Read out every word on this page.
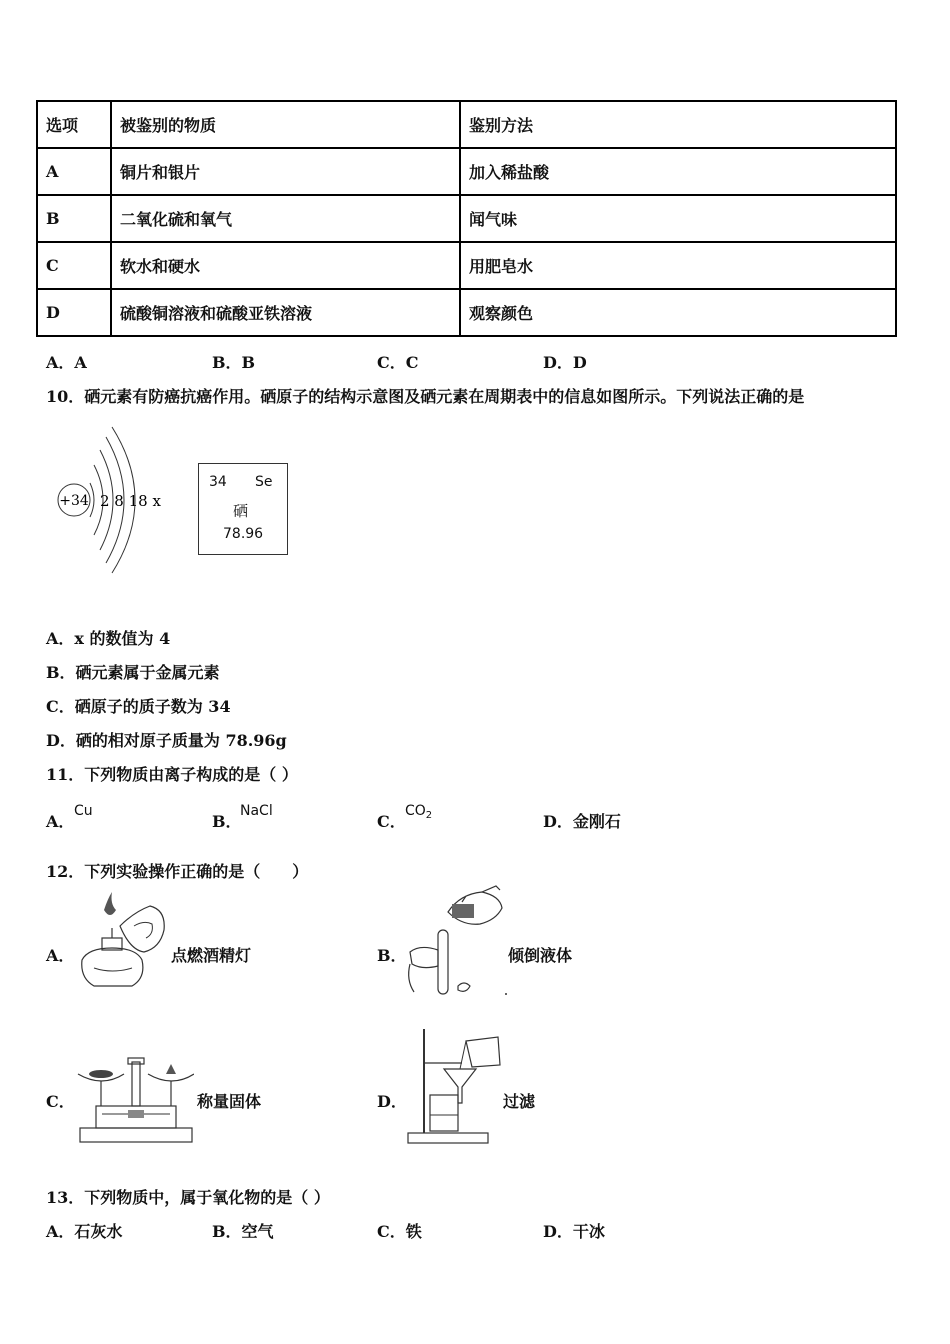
选项	被鉴别的物质	鉴别方法
A	铜片和银片	加入稀盐酸
B	二氧化硫和氧气	闻气味
C	软水和硬水	用肥皂水
D	硫酸铜溶液和硫酸亚铁溶液	观察颜色
A．A	B．B	C．C	D．D
10．硒元素有防癌抗癌作用。硒原子的结构示意图及硒元素在周期表中的信息如图所示。下列说法正确的是
+34 2 8 18 x
34 Se
硒
78.96
A．x 的数值为 4
B．硒元素属于金属元素
C．硒原子的质子数为 34
D．硒的相对原子质量为 78.96g
11．下列物质由离子构成的是（ ）
A．
Cu
B．
NaCl
C．
$CO_2$	D．金刚石
12．下列实验操作正确的是（　　）
A．	点燃酒精灯	B．	倾倒液体
C．	称量固体	D．	过滤
13．下列物质中，属于氧化物的是（ ）
A．石灰水	B．空气	C．铁	D．干冰
